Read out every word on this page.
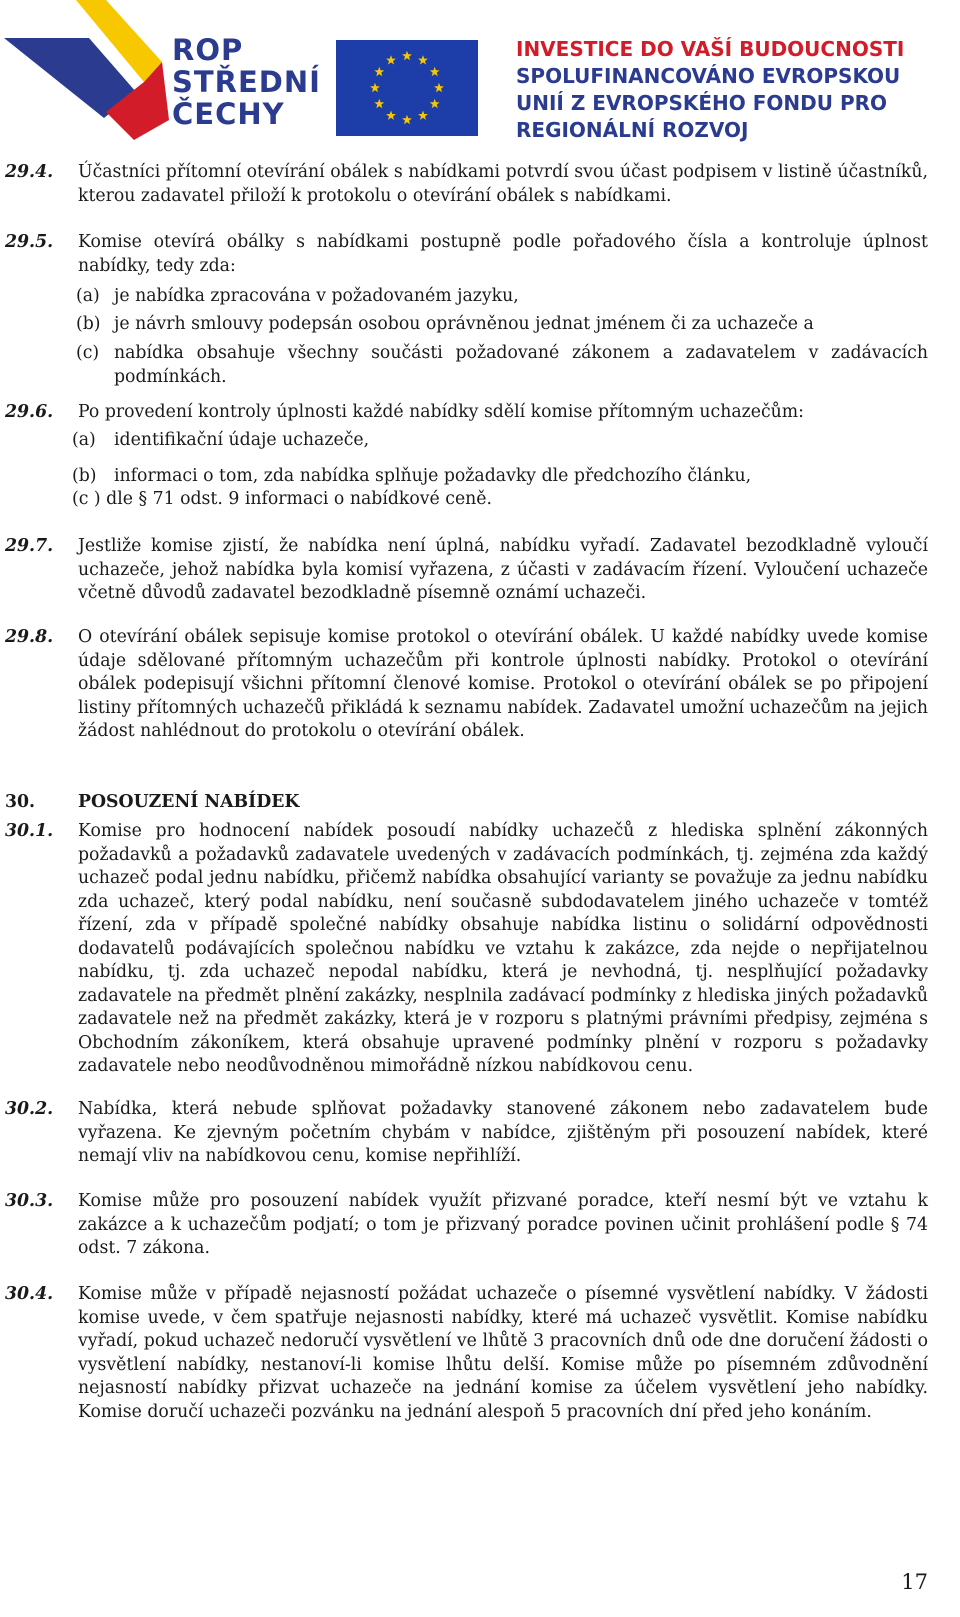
ROP
STŘEDNÍ
ČECHY
INVESTICE DO VAŠÍ BUDOUCNOSTI
SPOLUFINANCOVÁNO EVROPSKOU
UNIÍ Z EVROPSKÉHO FONDU PRO
REGIONÁLNÍ ROZVOJ
29.4. Účastníci přítomní otevírání obálek s nabídkami potvrdí svou účast podpisem v listině účastníků, kterou zadavatel přiloží k protokolu o otevírání obálek s nabídkami.
29.5. Komise otevírá obálky s nabídkami postupně podle pořadového čísla a kontroluje úplnost nabídky, tedy zda:
(a) je nabídka zpracována v požadovaném jazyku,
(b) je návrh smlouvy podepsán osobou oprávněnou jednat jménem či za uchazeče a
(c) nabídka obsahuje všechny součásti požadované zákonem a zadavatelem v zadávacích podmínkách.
29.6. Po provedení kontroly úplnosti každé nabídky sdělí komise přítomným uchazečům:
(a) identifikační údaje uchazeče,
(b) informaci o tom, zda nabídka splňuje požadavky dle předchozího článku,
(c ) dle § 71 odst. 9 informaci o nabídkové ceně.
29.7. Jestliže komise zjistí, že nabídka není úplná, nabídku vyřadí. Zadavatel bezodkladně vyloučí uchazeče, jehož nabídka byla komisí vyřazena, z účasti v zadávacím řízení. Vyloučení uchazeče včetně důvodů zadavatel bezodkladně písemně oznámí uchazeči.
29.8. O otevírání obálek sepisuje komise protokol o otevírání obálek. U každé nabídky uvede komise údaje sdělované přítomným uchazečům při kontrole úplnosti nabídky. Protokol o otevírání obálek podepisují všichni přítomní členové komise. Protokol o otevírání obálek se po připojení listiny přítomných uchazečů přikládá k seznamu nabídek. Zadavatel umožní uchazečům na jejich žádost nahlédnout do protokolu o otevírání obálek.
30. POSOUZENÍ NABÍDEK
30.1. Komise pro hodnocení nabídek posoudí nabídky uchazečů z hlediska splnění zákonných požadavků a požadavků zadavatele uvedených v zadávacích podmínkách, tj. zejména zda každý uchazeč podal jednu nabídku, přičemž nabídka obsahující varianty se považuje za jednu nabídku zda uchazeč, který podal nabídku, není současně subdodavatelem jiného uchazeče v tomtéž řízení, zda v případě společné nabídky obsahuje nabídka listinu o solidární odpovědnosti dodavatelů podávajících společnou nabídku ve vztahu k zakázce, zda nejde o nepřijatelnou nabídku, tj. zda uchazeč nepodal nabídku, která je nevhodná, tj. nesplňující požadavky zadavatele na předmět plnění zakázky, nesplnila zadávací podmínky z hlediska jiných požadavků zadavatele než na předmět zakázky, která je v rozporu s platnými právními předpisy, zejména s Obchodním zákoníkem, která obsahuje upravené podmínky plnění v rozporu s požadavky zadavatele nebo neodůvodněnou mimořádně nízkou nabídkovou cenu.
30.2. Nabídka, která nebude splňovat požadavky stanovené zákonem nebo zadavatelem bude vyřazena. Ke zjevným početním chybám v nabídce, zjištěným při posouzení nabídek, které nemají vliv na nabídkovou cenu, komise nepřihlíží.
30.3. Komise může pro posouzení nabídek využít přizvané poradce, kteří nesmí být ve vztahu k zakázce a k uchazečům podjatí; o tom je přizvaný poradce povinen učinit prohlášení podle § 74 odst. 7 zákona.
30.4. Komise může v případě nejasností požádat uchazeče o písemné vysvětlení nabídky. V žádosti komise uvede, v čem spatřuje nejasnosti nabídky, které má uchazeč vysvětlit. Komise nabídku vyřadí, pokud uchazeč nedoručí vysvětlení ve lhůtě 3 pracovních dnů ode dne doručení žádosti o vysvětlení nabídky, nestanoví-li komise lhůtu delší. Komise může po písemném zdůvodnění nejasností nabídky přizvat uchazeče na jednání komise za účelem vysvětlení jeho nabídky. Komise doručí uchazeči pozvánku na jednání alespoň 5 pracovních dní před jeho konáním.
17
